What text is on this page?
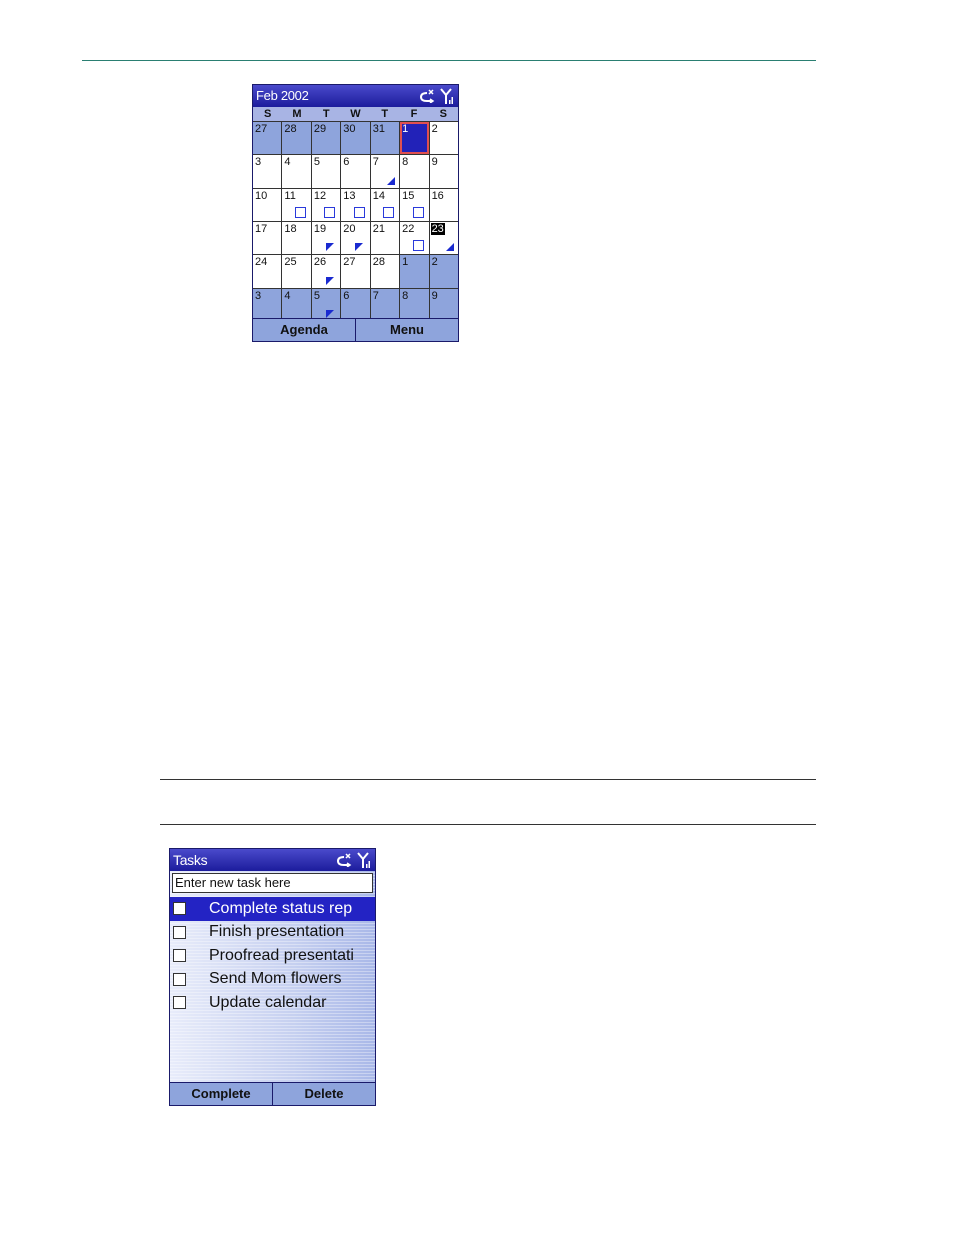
Feb 2002
S	M	T	W	T	F	S
27 28 29 30 31 1 2
3 4 5 6 7 8 9
10 11 12 13 14 15 16
17 18 19 20 21 22 23
24 25 26 27 28 1 2
3 4 5 6 7 8 9
Agenda	Menu
Tasks
Enter new task here
Complete status rep
Finish presentation
Proofread presentati
Send Mom flowers
Update calendar
Complete	Delete
